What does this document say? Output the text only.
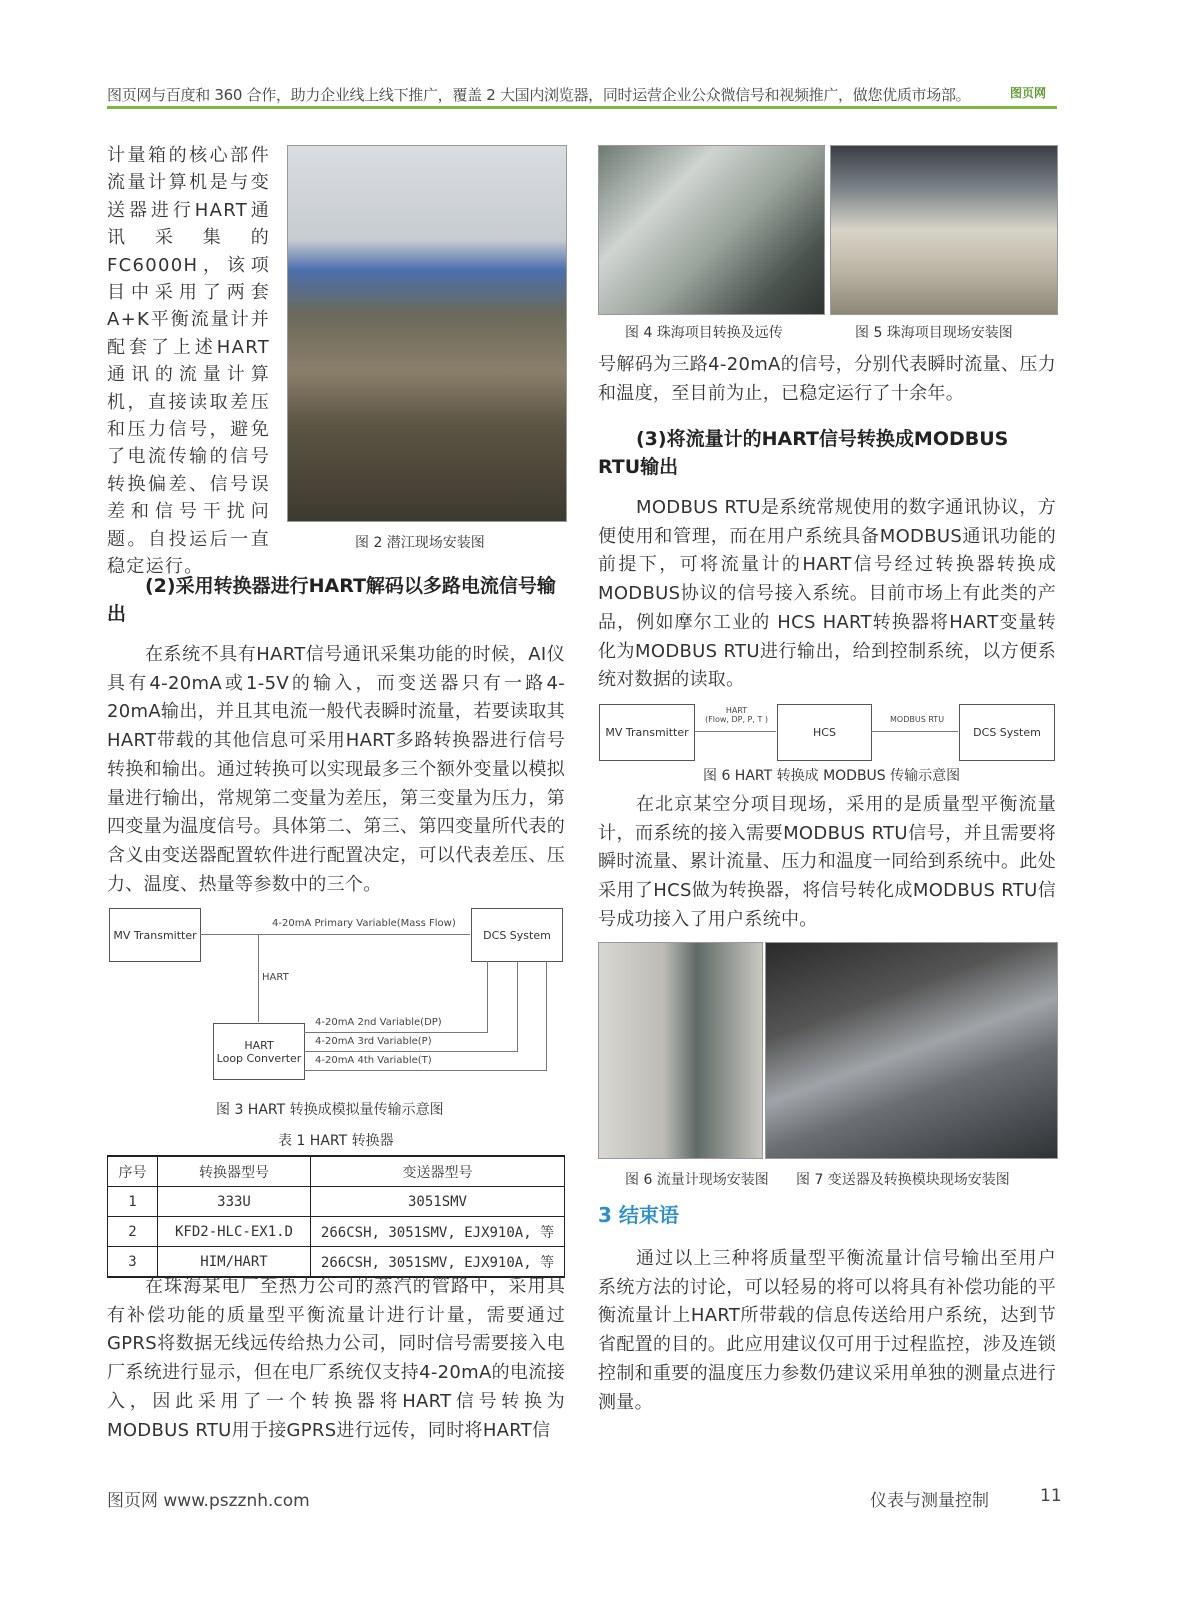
图页网与百度和 360 合作，助力企业线上线下推广，覆盖 2 大国内浏览器，同时运营企业公众微信号和视频推广，做您优质市场部。	图页网
计量箱的核心部件流量计算机是与变送器进行HART通讯采集的FC6000H，该项目中采用了两套A+K平衡流量计并配套了上述HART通讯的流量计算机，直接读取差压和压力信号，避免了电流传输的信号转换偏差、信号误差和信号干扰问题。自投运后一直稳定运行。
图 2 潜江现场安装图
(2)采用转换器进行HART解码以多路电流信号输出
在系统不具有HART信号通讯采集功能的时候，AI仪具有4-20mA或1-5V的输入，而变送器只有一路4-20mA输出，并且其电流一般代表瞬时流量，若要读取其HART带载的其他信息可采用HART多路转换器进行信号转换和输出。通过转换可以实现最多三个额外变量以模拟量进行输出，常规第二变量为差压，第三变量为压力，第四变量为温度信号。具体第二、第三、第四变量所代表的含义由变送器配置软件进行配置决定，可以代表差压、压力、温度、热量等参数中的三个。
MV Transmitter	DCS System
4-20mA Primary Variable(Mass Flow)
HART
HART
Loop Converter
4-20mA 2nd Variable(DP)
4-20mA 3rd Variable(P)
4-20mA 4th Variable(T)
图 3 HART 转换成模拟量传输示意图
表 1 HART 转换器
序号	转换器型号	变送器型号
1	333U	3051SMV
2	KFD2-HLC-EX1.D	266CSH, 3051SMV, EJX910A, 等
3	HIM/HART	266CSH, 3051SMV, EJX910A, 等
在珠海某电厂至热力公司的蒸汽的管路中，采用具有补偿功能的质量型平衡流量计进行计量，需要通过GPRS将数据无线远传给热力公司，同时信号需要接入电厂系统进行显示，但在电厂系统仅支持4-20mA的电流接入，因此采用了一个转换器将HART信号转换为MODBUS RTU用于接GPRS进行远传，同时将HART信
图 4 珠海项目转换及远传	图 5 珠海项目现场安装图
号解码为三路4-20mA的信号，分别代表瞬时流量、压力和温度，至目前为止，已稳定运行了十余年。
(3)将流量计的HART信号转换成MODBUS RTU输出
MODBUS RTU是系统常规使用的数字通讯协议，方便使用和管理，而在用户系统具备MODBUS通讯功能的前提下，可将流量计的HART信号经过转换器转换成MODBUS协议的信号接入系统。目前市场上有此类的产品，例如摩尔工业的 HCS HART转换器将HART变量转化为MODBUS RTU进行输出，给到控制系统，以方便系统对数据的读取。
MV Transmitter
HART
(Flow, DP, P, T )
HCS
MODBUS RTU
DCS System
图 6 HART 转换成 MODBUS 传输示意图
在北京某空分项目现场，采用的是质量型平衡流量计，而系统的接入需要MODBUS RTU信号，并且需要将瞬时流量、累计流量、压力和温度一同给到系统中。此处采用了HCS做为转换器，将信号转化成MODBUS RTU信号成功接入了用户系统中。
图 6 流量计现场安装图 图 7 变送器及转换模块现场安装图
3 结束语
通过以上三种将质量型平衡流量计信号输出至用户系统方法的讨论，可以轻易的将可以将具有补偿功能的平衡流量计上HART所带载的信息传送给用户系统，达到节省配置的目的。此应用建议仅可用于过程监控，涉及连锁控制和重要的温度压力参数仍建议采用单独的测量点进行测量。
图页网 www.pszznh.com	仪表与测量控制	11
